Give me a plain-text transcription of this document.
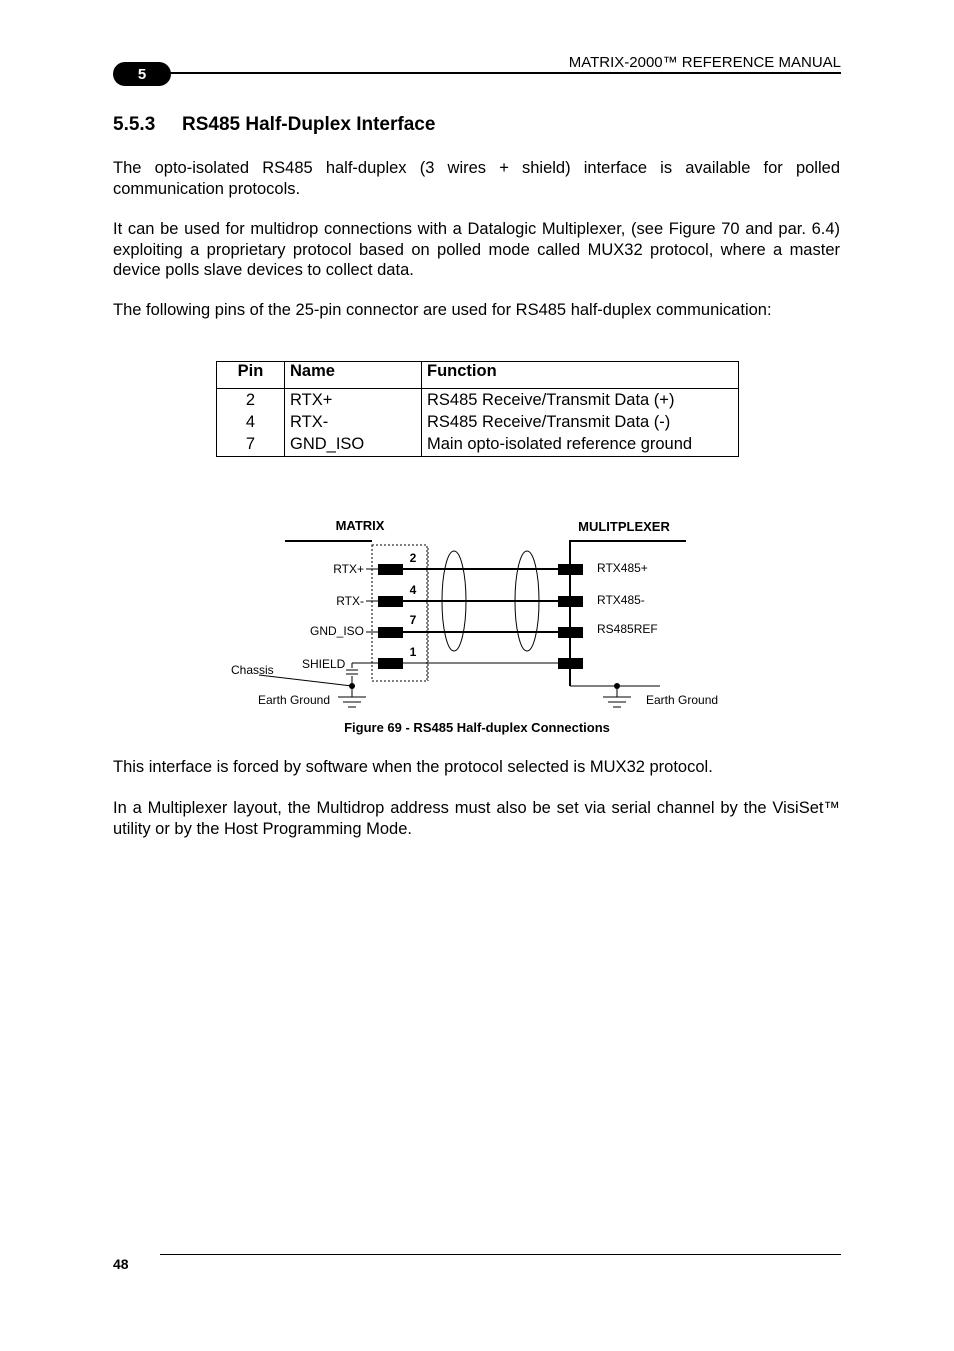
MATRIX-2000™ REFERENCE MANUAL
5
5.5.3 RS485 Half-Duplex Interface

The opto-isolated RS485 half-duplex (3 wires + shield) interface is available for polled communication protocols.

It can be used for multidrop connections with a Datalogic Multiplexer, (see Figure 70 and par. 6.4) exploiting a proprietary protocol based on polled mode called MUX32 protocol, where a master device polls slave devices to collect data.

The following pins of the 25-pin connector are used for RS485 half-duplex communication:

Pin	Name	Function
2	RTX+	RS485 Receive/Transmit Data (+)
4	RTX-	RS485 Receive/Transmit Data (-)
7	GND_ISO	Main opto-isolated reference ground
MATRIX	MULITPLEXER
RTX+
RTX-
GND_ISO
SHIELD
2
4
7
1
RTX485+
RTX485-
RS485REF
Chassis
Earth Ground	Earth Ground
Figure 69 - RS485 Half-duplex Connections

This interface is forced by software when the protocol selected is MUX32 protocol.

In a Multiplexer layout, the Multidrop address must also be set via serial channel by the VisiSet™ utility or by the Host Programming Mode.

48
